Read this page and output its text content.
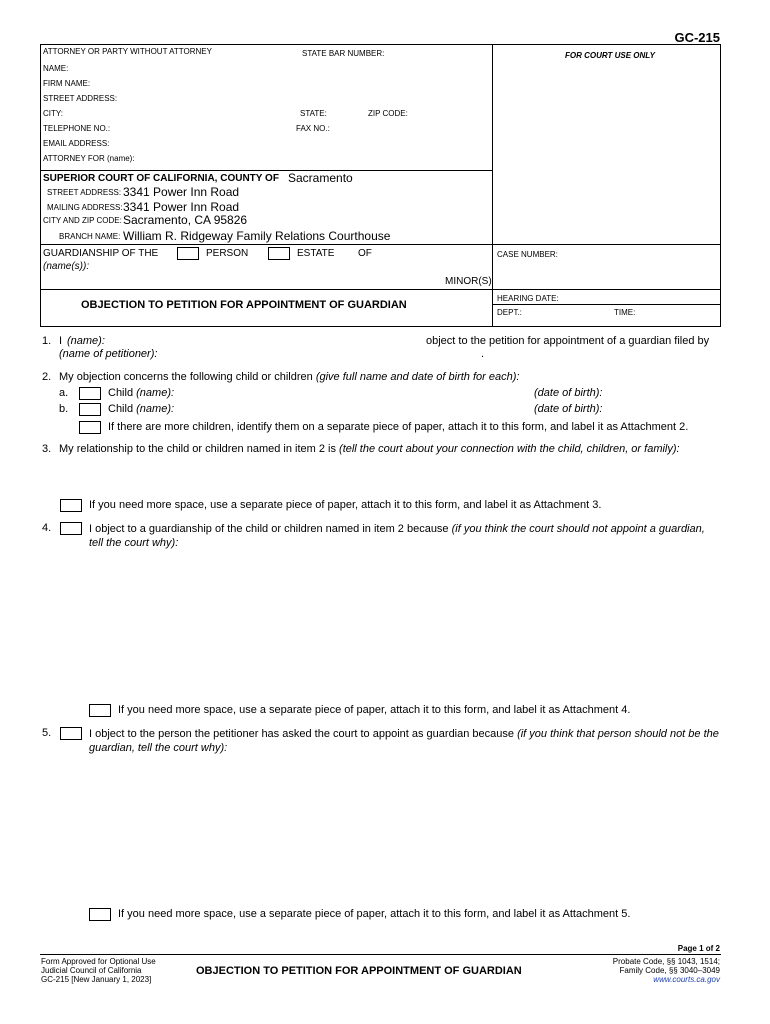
GC-215
ATTORNEY OR PARTY WITHOUT ATTORNEY	STATE BAR NUMBER:	FOR COURT USE ONLY
NAME:
FIRM NAME:
STREET ADDRESS:
CITY:	STATE:	ZIP CODE:
TELEPHONE NO.:	FAX NO.:
EMAIL ADDRESS:
ATTORNEY FOR (name):
SUPERIOR COURT OF CALIFORNIA, COUNTY OF Sacramento
STREET ADDRESS: 3341 Power Inn Road
MAILING ADDRESS: 3341 Power Inn Road
CITY AND ZIP CODE: Sacramento, CA 95826
BRANCH NAME: William R. Ridgeway Family Relations Courthouse
GUARDIANSHIP OF THE	PERSON	ESTATE OF
(name(s)):
MINOR(S)
CASE NUMBER:
OBJECTION TO PETITION FOR APPOINTMENT OF GUARDIAN
HEARING DATE:
DEPT.:	TIME:
1. I (name):	object to the petition for appointment of a guardian filed by
(name of petitioner):	.
2. My objection concerns the following child or children (give full name and date of birth for each):
a.	Child (name):	(date of birth):
b.	Child (name):	(date of birth):
If there are more children, identify them on a separate piece of paper, attach it to this form, and label it as Attachment 2.
3. My relationship to the child or children named in item 2 is (tell the court about your connection with the child, children, or family):
If you need more space, use a separate piece of paper, attach it to this form, and label it as Attachment 3.
4.	I object to a guardianship of the child or children named in item 2 because (if you think the court should not appoint a guardian, tell the court why):
If you need more space, use a separate piece of paper, attach it to this form, and label it as Attachment 4.
5.	I object to the person the petitioner has asked the court to appoint as guardian because (if you think that person should not be the guardian, tell the court why):
If you need more space, use a separate piece of paper, attach it to this form, and label it as Attachment 5.
Page 1 of 2
Form Approved for Optional Use
Judicial Council of California
GC-215 [New January 1, 2023]
OBJECTION TO PETITION FOR APPOINTMENT OF GUARDIAN
Probate Code, §§ 1043, 1514;
Family Code, §§ 3040–3049
www.courts.ca.gov
